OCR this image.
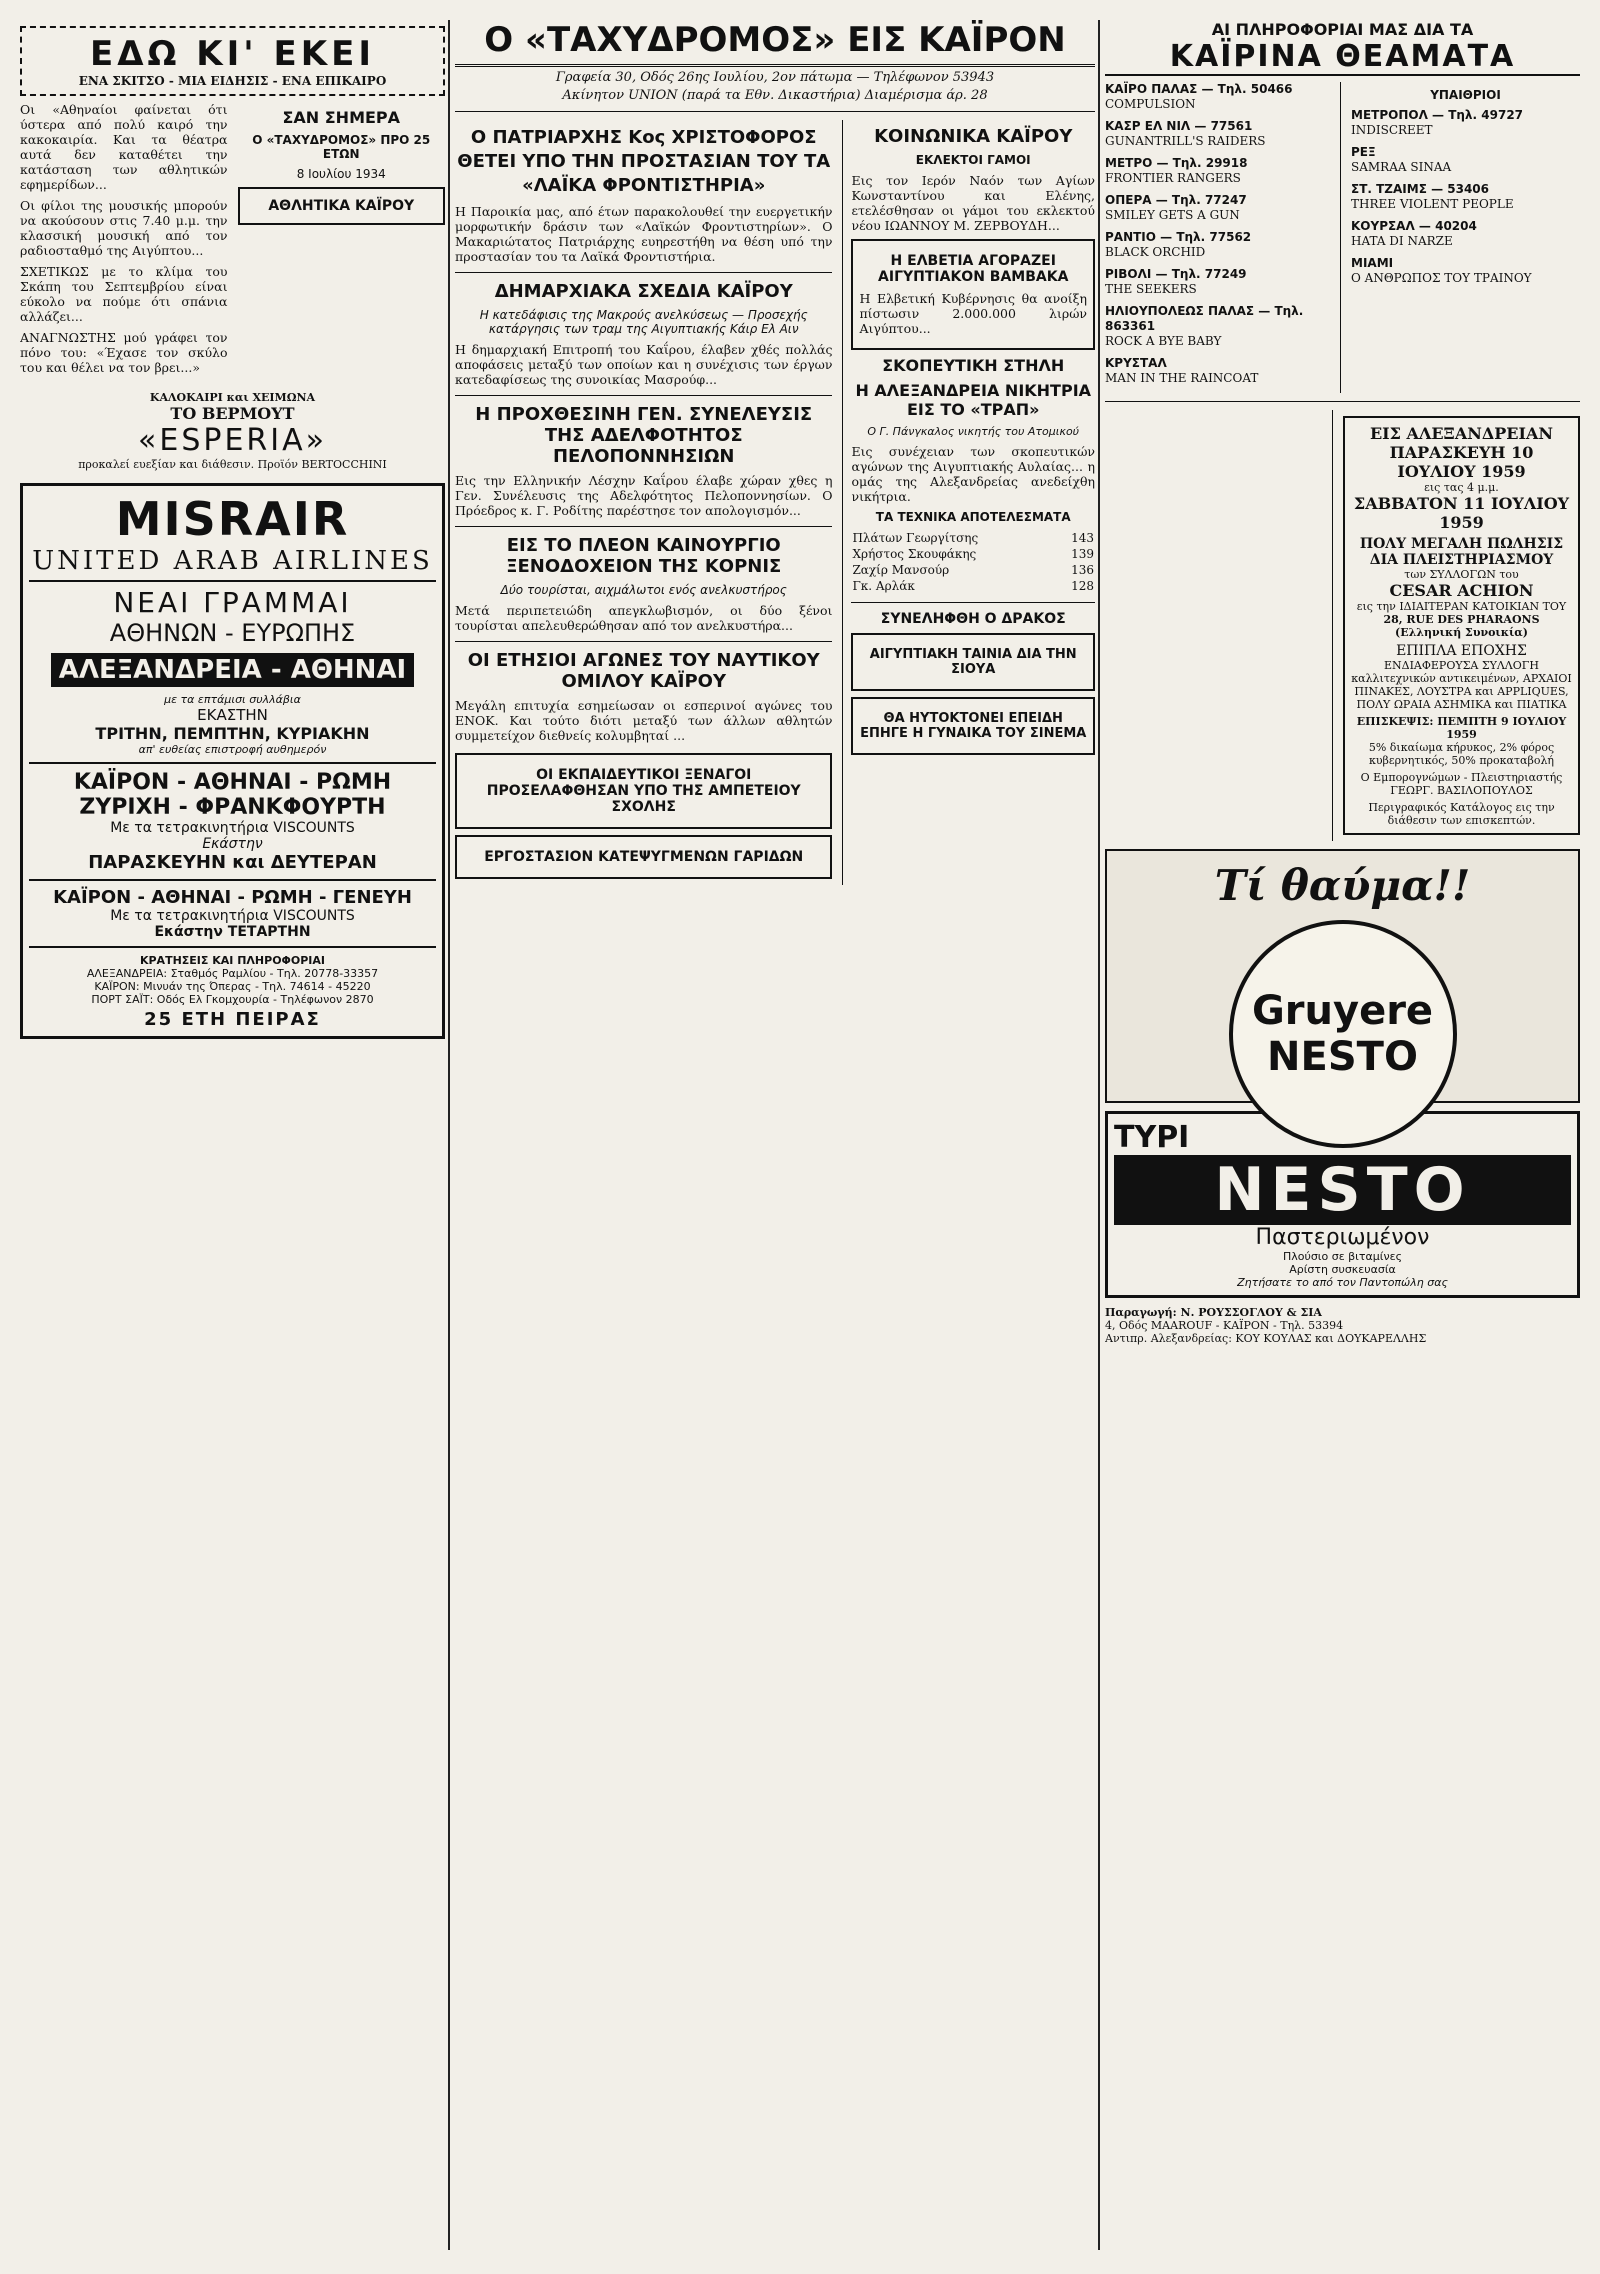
ΕΔΩ ΚΙ' ΕΚΕΙ
ΕΝΑ ΣΚΙΤΣΟ - ΜΙΑ ΕΙΔΗΣΙΣ - ΕΝΑ ΕΠΙΚΑΙΡΟ

Οι «Αθηναίοι φαίνεται ότι ύστερα από πολύ καιρό την κακοκαιρία. Και τα θέατρα αυτά δεν καταθέτει την κατάσταση των αθλητικών εφημερίδων...

Οι φίλοι της μουσικής μπορούν να ακούσουν στις 7.40 μ.μ. την κλασσική μουσική από τον ραδιοσταθμό της Αιγύπτου...

ΣΧΕΤΙΚΩΣ με το κλίμα του Σκάπη του Σεπτεμβρίου είναι εύκολο να πούμε ότι σπάνια αλλάζει...

ΑΝΑΓΝΩΣΤΗΣ μού γράφει τον πόνο του: «Έχασε τον σκύλο του και θέλει να τον βρει...»

ΣΑΝ ΣΗΜΕΡΑ
Ο «ΤΑΧΥΔΡΟΜΟΣ» ΠΡΟ 25 ΕΤΩΝ
8 Ιουλίου 1934
ΑΘΛΗΤΙΚΑ ΚΑΪΡΟΥ
ΚΑΛΟΚΑΙΡΙ και ΧΕΙΜΩΝΑ
ΤΟ ΒΕΡΜΟΥΤ
«ESPERIA»
προκαλεί ευεξίαν και διάθεσιν. Προϊόν BERTOCCHINI
MISRAIR
UNITED ARAB AIRLINES
ΝΕΑΙ ΓΡΑΜΜΑΙ
ΑΘΗΝΩΝ - ΕΥΡΩΠΗΣ
ΑΛΕΞΑΝΔΡΕΙΑ - ΑΘΗΝΑΙ
με τα επτάμισι συλλάβια
ΕΚΑΣΤΗΝ
ΤΡΙΤΗΝ, ΠΕΜΠΤΗΝ, ΚΥΡΙΑΚΗΝ
απ' ευθείας επιστροφή αυθημερόν
ΚΑΪΡΟΝ - ΑΘΗΝΑΙ - ΡΩΜΗ
ΖΥΡΙΧΗ - ΦΡΑΝΚΦΟΥΡΤΗ
Με τα τετρακινητήρια VISCOUNTS
Εκάστην
ΠΑΡΑΣΚΕΥΗΝ και ΔΕΥΤΕΡΑΝ
ΚΑΪΡΟΝ - ΑΘΗΝΑΙ - ΡΩΜΗ - ΓΕΝΕΥΗ
Με τα τετρακινητήρια VISCOUNTS
Εκάστην ΤΕΤΑΡΤΗΝ
ΚΡΑΤΗΣΕΙΣ ΚΑΙ ΠΛΗΡΟΦΟΡΙΑΙ
ΑΛΕΞΑΝΔΡΕΙΑ: Σταθμός Ραμλίου - Τηλ. 20778-33357
ΚΑΪΡΟΝ: Μινυάν της Όπερας - Τηλ. 74614 - 45220
ΠΟΡΤ ΣΑΪΤ: Οδός Ελ Γκομχουρία - Τηλέφωνον 2870
25 ΕΤΗ ΠΕΙΡΑΣ
Ο «ΤΑΧΥΔΡΟΜΟΣ» ΕΙΣ ΚΑΪΡΟΝ
Γραφεία 30, Οδός 26ης Ιουλίου, 2ον πάτωμα — Τηλέφωνον 53943
Ακίνητον UNION (παρά τα Εθν. Δικαστήρια) Διαμέρισμα άρ. 28
Ο ΠΑΤΡΙΑΡΧΗΣ Κος ΧΡΙΣΤΟΦΟΡΟΣ ΘΕΤΕΙ ΥΠΟ ΤΗΝ ΠΡΟΣΤΑΣΙΑΝ ΤΟΥ ΤΑ «ΛΑΪΚΑ ΦΡΟΝΤΙΣΤΗΡΙΑ»

Η Παροικία μας, από έτων παρακολουθεί την ευεργετικήν μορφωτικήν δράσιν των «Λαϊκών Φροντιστηρίων». Ο Μακαριώτατος Πατριάρχης ευηρεστήθη να θέση υπό την προστασίαν του τα Λαϊκά Φροντιστήρια.

ΔΗΜΑΡΧΙΑΚΑ ΣΧΕΔΙΑ ΚΑΪΡΟΥ
Η κατεδάφισις της Μακρούς ανελκύσεως — Προσεχής κατάργησις των τραμ της Αιγυπτιακής Κάιρ Ελ Αιν

Η δημαρχιακή Επιτροπή του Καΐρου, έλαβεν χθές πολλάς αποφάσεις μεταξύ των οποίων και η συνέχισις των έργων κατεδαφίσεως της συνοικίας Μασρούφ...

Η ΠΡΟΧΘΕΣΙΝΗ ΓΕΝ. ΣΥΝΕΛΕΥΣΙΣ ΤΗΣ ΑΔΕΛΦΟΤΗΤΟΣ ΠΕΛΟΠΟΝΝΗΣΙΩΝ

Εις την Ελληνικήν Λέσχην Καΐρου έλαβε χώραν χθες η Γεν. Συνέλευσις της Αδελφότητος Πελοποννησίων. Ο Πρόεδρος κ. Γ. Ροδίτης παρέστησε τον απολογισμόν...

ΕΙΣ ΤΟ ΠΛΕΟΝ ΚΑΙΝΟΥΡΓΙΟ ΞΕΝΟΔΟΧΕΙΟΝ ΤΗΣ ΚΟΡΝΙΣ
Δύο τουρίσται, αιχμάλωτοι ενός ανελκυστήρος

Μετά περιπετειώδη απεγκλωβισμόν, οι δύο ξένοι τουρίσται απελευθερώθησαν από τον ανελκυστήρα...

ΟΙ ΕΤΗΣΙΟΙ ΑΓΩΝΕΣ ΤΟΥ ΝΑΥΤΙΚΟΥ ΟΜΙΛΟΥ ΚΑΪΡΟΥ

Μεγάλη επιτυχία εσημείωσαν οι εσπερινοί αγώνες του ΕΝΟΚ. Και τούτο διότι μεταξύ των άλλων αθλητών συμμετείχον διεθνείς κολυμβηταί ...

ΟΙ ΕΚΠΑΙΔΕΥΤΙΚΟΙ ΞΕΝΑΓΟΙ ΠΡΟΣΕΛΑΦΘΗΣΑΝ ΥΠΟ ΤΗΣ ΑΜΠΕΤΕΙΟΥ ΣΧΟΛΗΣ
ΕΡΓΟΣΤΑΣΙΟΝ ΚΑΤΕΨΥΓΜΕΝΩΝ ΓΑΡΙΔΩΝ
ΚΟΙΝΩΝΙΚΑ ΚΑΪΡΟΥ
ΕΚΛΕΚΤΟΙ ΓΑΜΟΙ

Εις τον Ιερόν Ναόν των Αγίων Κωνσταντίνου και Ελένης, ετελέσθησαν οι γάμοι του εκλεκτού νέου ΙΩΑΝΝΟΥ Μ. ΖΕΡΒΟΥΔΗ...

Η ΕΛΒΕΤΙΑ ΑΓΟΡΑΖΕΙ ΑΙΓΥΠΤΙΑΚΟΝ ΒΑΜΒΑΚΑ

Η Ελβετική Κυβέρνησις θα ανοίξη πίστωσιν 2.000.000 λιρών Αιγύπτου...

ΣΚΟΠΕΥΤΙΚΗ ΣΤΗΛΗ
Η ΑΛΕΞΑΝΔΡΕΙΑ ΝΙΚΗΤΡΙΑ ΕΙΣ ΤΟ «ΤΡΑΠ»
Ο Γ. Πάνγκαλος νικητής του Ατομικού

Εις συνέχειαν των σκοπευτικών αγώνων της Αιγυπτιακής Αυλαίας... η ομάς της Αλεξανδρείας ανεδείχθη νικήτρια.

ΤΑ ΤΕΧΝΙΚΑ ΑΠΟΤΕΛΕΣΜΑΤΑ
Πλάτων Γεωργίτσης	143
Χρήστος Σκουφάκης	139
Ζαχίρ Μανσούρ	136
Γκ. Αρλάκ	128
ΣΥΝΕΛΗΦΘΗ Ο ΔΡΑΚΟΣ
ΑΙΓΥΠΤΙΑΚΗ ΤΑΙΝΙΑ ΔΙΑ ΤΗΝ ΣΙΟΥΑ
ΘΑ ΗΥΤΟΚΤΟΝΕΙ ΕΠΕΙΔΗ ΕΠΗΓΕ Η ΓΥΝΑΙΚΑ ΤΟΥ ΣΙΝΕΜΑ
ΑΙ ΠΛΗΡΟΦΟΡΙΑΙ ΜΑΣ ΔΙΑ ΤΑ
ΚΑΪΡΙΝΑ ΘΕΑΜΑΤΑ
ΚΑΪΡΟ ΠΑΛΑΣ — Τηλ. 50466
COMPULSION
ΚΑΣΡ ΕΛ ΝΙΛ — 77561
GUNANTRILL'S RAIDERS
ΜΕΤΡΟ — Τηλ. 29918
FRONTIER RANGERS
ΟΠΕΡΑ — Τηλ. 77247
SMILEY GETS A GUN
ΡΑΝΤΙΟ — Τηλ. 77562
BLACK ORCHID
ΡΙΒΟΛΙ — Τηλ. 77249
THE SEEKERS
ΗΛΙΟΥΠΟΛΕΩΣ ΠΑΛΑΣ — Τηλ. 863361
ROCK A BYE BABY
ΚΡΥΣΤΑΛ
MAN IN THE RAINCOAT
ΥΠΑΙΘΡΙΟΙ
ΜΕΤΡΟΠΟΛ — Τηλ. 49727
INDISCREET
ΡΕΞ
SAMRAA SINAA
ΣΤ. ΤΖΑΙΜΣ — 53406
THREE VIOLENT PEOPLE
ΚΟΥΡΣΑΛ — 40204
HATA DI NARZE
ΜΙΑΜΙ
Ο ΑΝΘΡΩΠΟΣ ΤΟΥ ΤΡΑΙΝΟΥ
ΕΙΣ ΑΛΕΞΑΝΔΡΕΙΑΝ
ΠΑΡΑΣΚΕΥΗ 10 ΙΟΥΛΙΟΥ 1959
εις τας 4 μ.μ.
ΣΑΒΒΑΤΟΝ 11 ΙΟΥΛΙΟΥ 1959
ΠΟΛΥ ΜΕΓΑΛΗ ΠΩΛΗΣΙΣ ΔΙΑ ΠΛΕΙΣΤΗΡΙΑΣΜΟΥ
των ΣΥΛΛΟΓΩΝ του
CESAR ACHION
εις την ΙΔΙΑΙΤΕΡΑΝ ΚΑΤΟΙΚΙΑΝ ΤΟΥ
28, RUE DES PHARAONS (Ελληνική Συνοικία)
ΕΠΙΠΛΑ ΕΠΟΧΗΣ
ΕΝΔΙΑΦΕΡΟΥΣΑ ΣΥΛΛΟΓΗ καλλιτεχνικών αντικειμένων, ΑΡΧΑΙΟΙ ΠΙΝΑΚΕΣ, ΛΟΥΣΤΡΑ και APPLIQUES, ΠΟΛΥ ΩΡΑΙΑ ΑΣΗΜΙΚΑ και ΠΙΑΤΙΚΑ
ΕΠΙΣΚΕΨΙΣ: ΠΕΜΠΤΗ 9 ΙΟΥΛΙΟΥ 1959
5% δικαίωμα κήρυκος, 2% φόρος κυβερνητικός, 50% προκαταβολή
Ο Εμπορογνώμων - Πλειστηριαστής ΓΕΩΡΓ. ΒΑΣΙΛΟΠΟΥΛΟΣ
Περιγραφικός Κατάλογος εις την διάθεσιν των επισκεπτών.
Τί θαύμα!!
Gruyere NESTO
ΤΥΡΙ
NESTO
Παστεριωμένον
Πλούσιο σε βιταμίνες
Αρίστη συσκευασία
Ζητήσατε το από τον Παντοπώλη σας
Παραγωγή: Ν. ΡΟΥΣΣΟΓΛΟΥ & ΣΙΑ
4, Οδός MAAROUF - ΚΑΪΡΟΝ - Τηλ. 53394
Αντιπρ. Αλεξανδρείας: ΚΟΥ ΚΟΥΛΑΣ και ΔΟΥΚΑΡΕΛΛΗΣ
